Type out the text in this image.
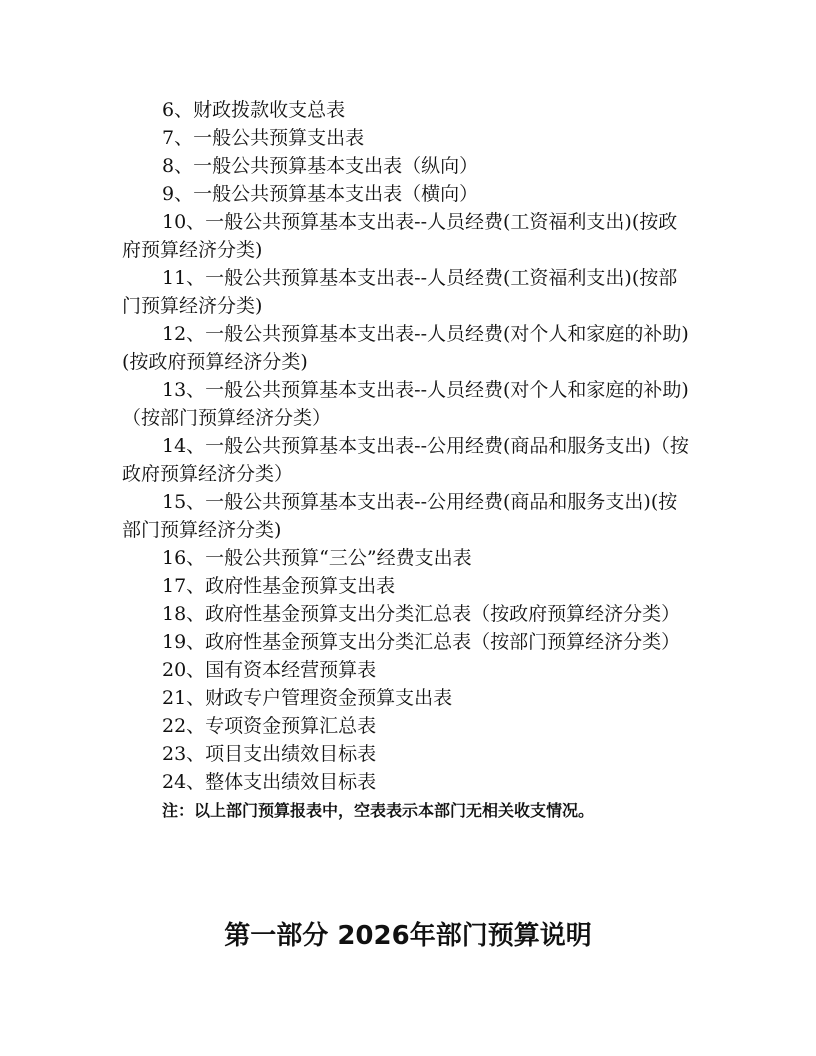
6、财政拨款收支总表
7、一般公共预算支出表
8、一般公共预算基本支出表（纵向）
9、一般公共预算基本支出表（横向）
10、一般公共预算基本支出表--人员经费(工资福利支出)(按政府预算经济分类)
11、一般公共预算基本支出表--人员经费(工资福利支出)(按部门预算经济分类)
12、一般公共预算基本支出表--人员经费(对个人和家庭的补助)(按政府预算经济分类)
13、一般公共预算基本支出表--人员经费(对个人和家庭的补助)（按部门预算经济分类）
14、一般公共预算基本支出表--公用经费(商品和服务支出)（按政府预算经济分类）
15、一般公共预算基本支出表--公用经费(商品和服务支出)(按部门预算经济分类)
16、一般公共预算“三公”经费支出表
17、政府性基金预算支出表
18、政府性基金预算支出分类汇总表（按政府预算经济分类）
19、政府性基金预算支出分类汇总表（按部门预算经济分类）
20、国有资本经营预算表
21、财政专户管理资金预算支出表
22、专项资金预算汇总表
23、项目支出绩效目标表
24、整体支出绩效目标表
注：以上部门预算报表中，空表表示本部门无相关收支情况。
第一部分 2026年部门预算说明
